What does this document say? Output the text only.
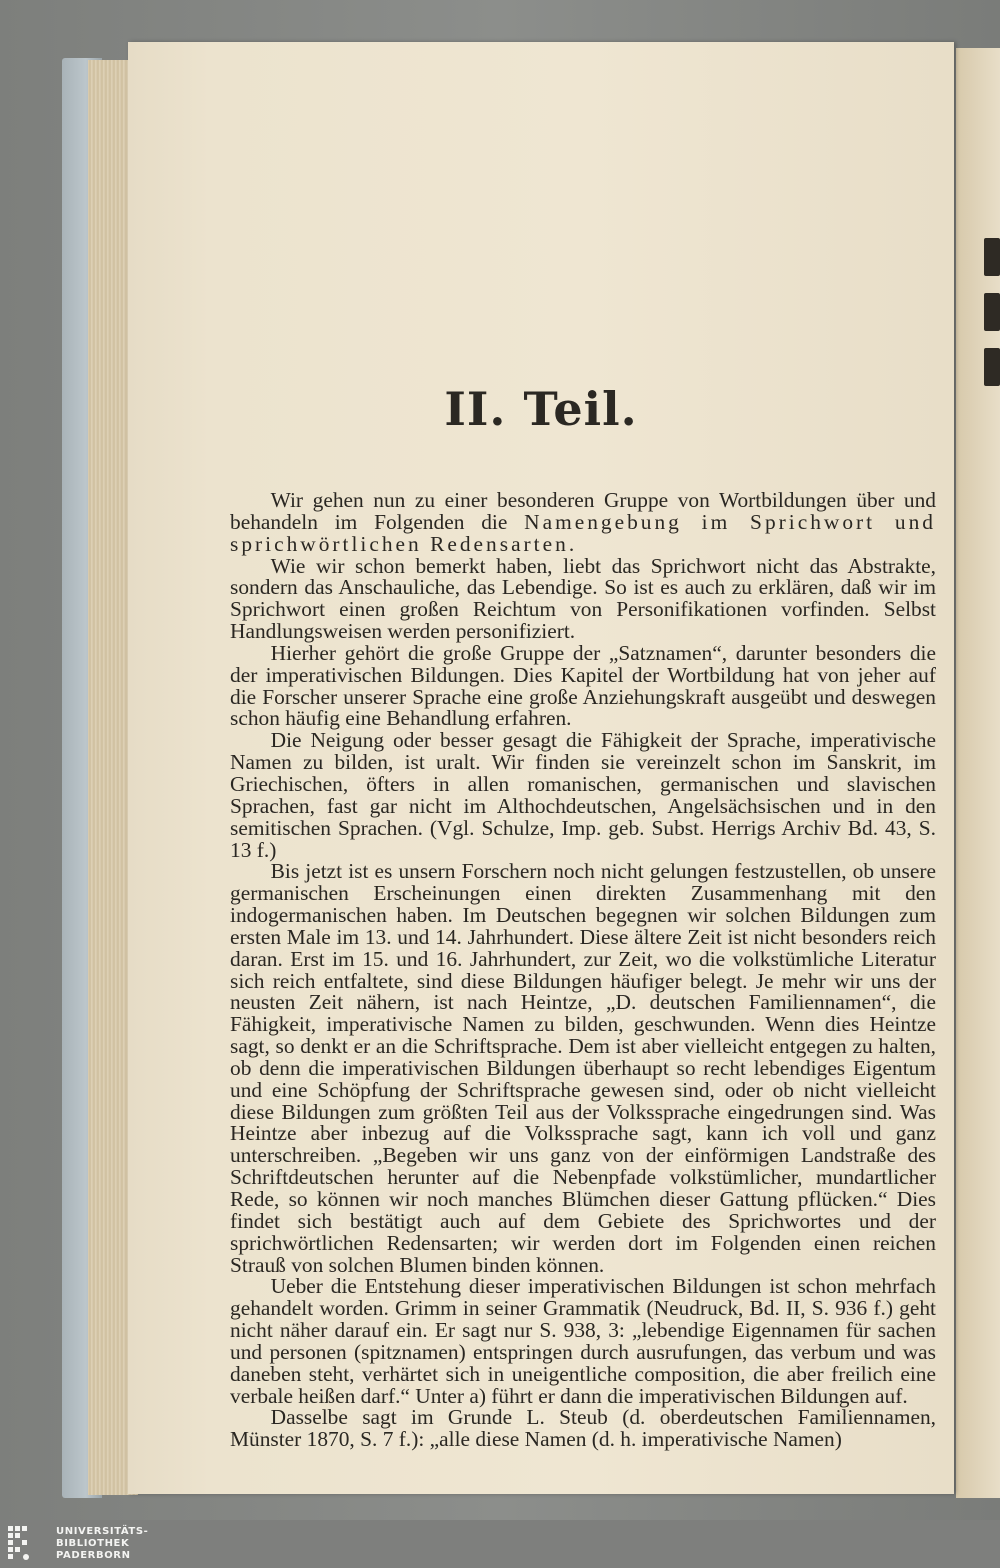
II. Teil.

Wir gehen nun zu einer besonderen Gruppe von Wortbildungen über und behandeln im Folgenden die Namengebung im Sprichwort und sprichwörtlichen Redensarten.

Wie wir schon bemerkt haben, liebt das Sprichwort nicht das Abstrakte, sondern das Anschauliche, das Lebendige. So ist es auch zu erklären, daß wir im Sprichwort einen großen Reichtum von Personifikationen vorfinden. Selbst Handlungsweisen werden personifiziert.

Hierher gehört die große Gruppe der „Satznamen“, darunter besonders die der imperativischen Bildungen. Dies Kapitel der Wortbildung hat von jeher auf die Forscher unserer Sprache eine große Anziehungskraft ausgeübt und deswegen schon häufig eine Behandlung erfahren.

Die Neigung oder besser gesagt die Fähigkeit der Sprache, imperativische Namen zu bilden, ist uralt. Wir finden sie vereinzelt schon im Sanskrit, im Griechischen, öfters in allen romanischen, germanischen und slavischen Sprachen, fast gar nicht im Althochdeutschen, Angelsächsischen und in den semitischen Sprachen. (Vgl. Schulze, Imp. geb. Subst. Herrigs Archiv Bd. 43, S. 13 f.)

Bis jetzt ist es unsern Forschern noch nicht gelungen festzustellen, ob unsere germanischen Erscheinungen einen direkten Zusammenhang mit den indogermanischen haben. Im Deutschen begegnen wir solchen Bildungen zum ersten Male im 13. und 14. Jahrhundert. Diese ältere Zeit ist nicht besonders reich daran. Erst im 15. und 16. Jahrhundert, zur Zeit, wo die volkstümliche Literatur sich reich entfaltete, sind diese Bildungen häufiger belegt. Je mehr wir uns der neusten Zeit nähern, ist nach Heintze, „D. deutschen Familiennamen“, die Fähigkeit, imperativische Namen zu bilden, geschwunden. Wenn dies Heintze sagt, so denkt er an die Schriftsprache. Dem ist aber vielleicht entgegen zu halten, ob denn die imperativischen Bildungen überhaupt so recht lebendiges Eigentum und eine Schöpfung der Schriftsprache gewesen sind, oder ob nicht vielleicht diese Bildungen zum größten Teil aus der Volkssprache eingedrungen sind. Was Heintze aber inbezug auf die Volkssprache sagt, kann ich voll und ganz unterschreiben. „Begeben wir uns ganz von der einförmigen Landstraße des Schriftdeutschen herunter auf die Nebenpfade volkstümlicher, mundartlicher Rede, so können wir noch manches Blümchen dieser Gattung pflücken.“ Dies findet sich bestätigt auch auf dem Gebiete des Sprichwortes und der sprichwörtlichen Redensarten; wir werden dort im Folgenden einen reichen Strauß von solchen Blumen binden können.

Ueber die Entstehung dieser imperativischen Bildungen ist schon mehrfach gehandelt worden. Grimm in seiner Grammatik (Neudruck, Bd. II, S. 936 f.) geht nicht näher darauf ein. Er sagt nur S. 938, 3: „lebendige Eigennamen für sachen und personen (spitznamen) entspringen durch ausrufungen, das verbum und was daneben steht, verhärtet sich in uneigentliche composition, die aber freilich eine verbale heißen darf.“ Unter a) führt er dann die imperativischen Bildungen auf.

Dasselbe sagt im Grunde L. Steub (d. oberdeutschen Familiennamen, Münster 1870, S. 7 f.): „alle diese Namen (d. h. imperativische Namen)

UNIVERSITÄTS-

BIBLIOTHEK

PADERBORN
